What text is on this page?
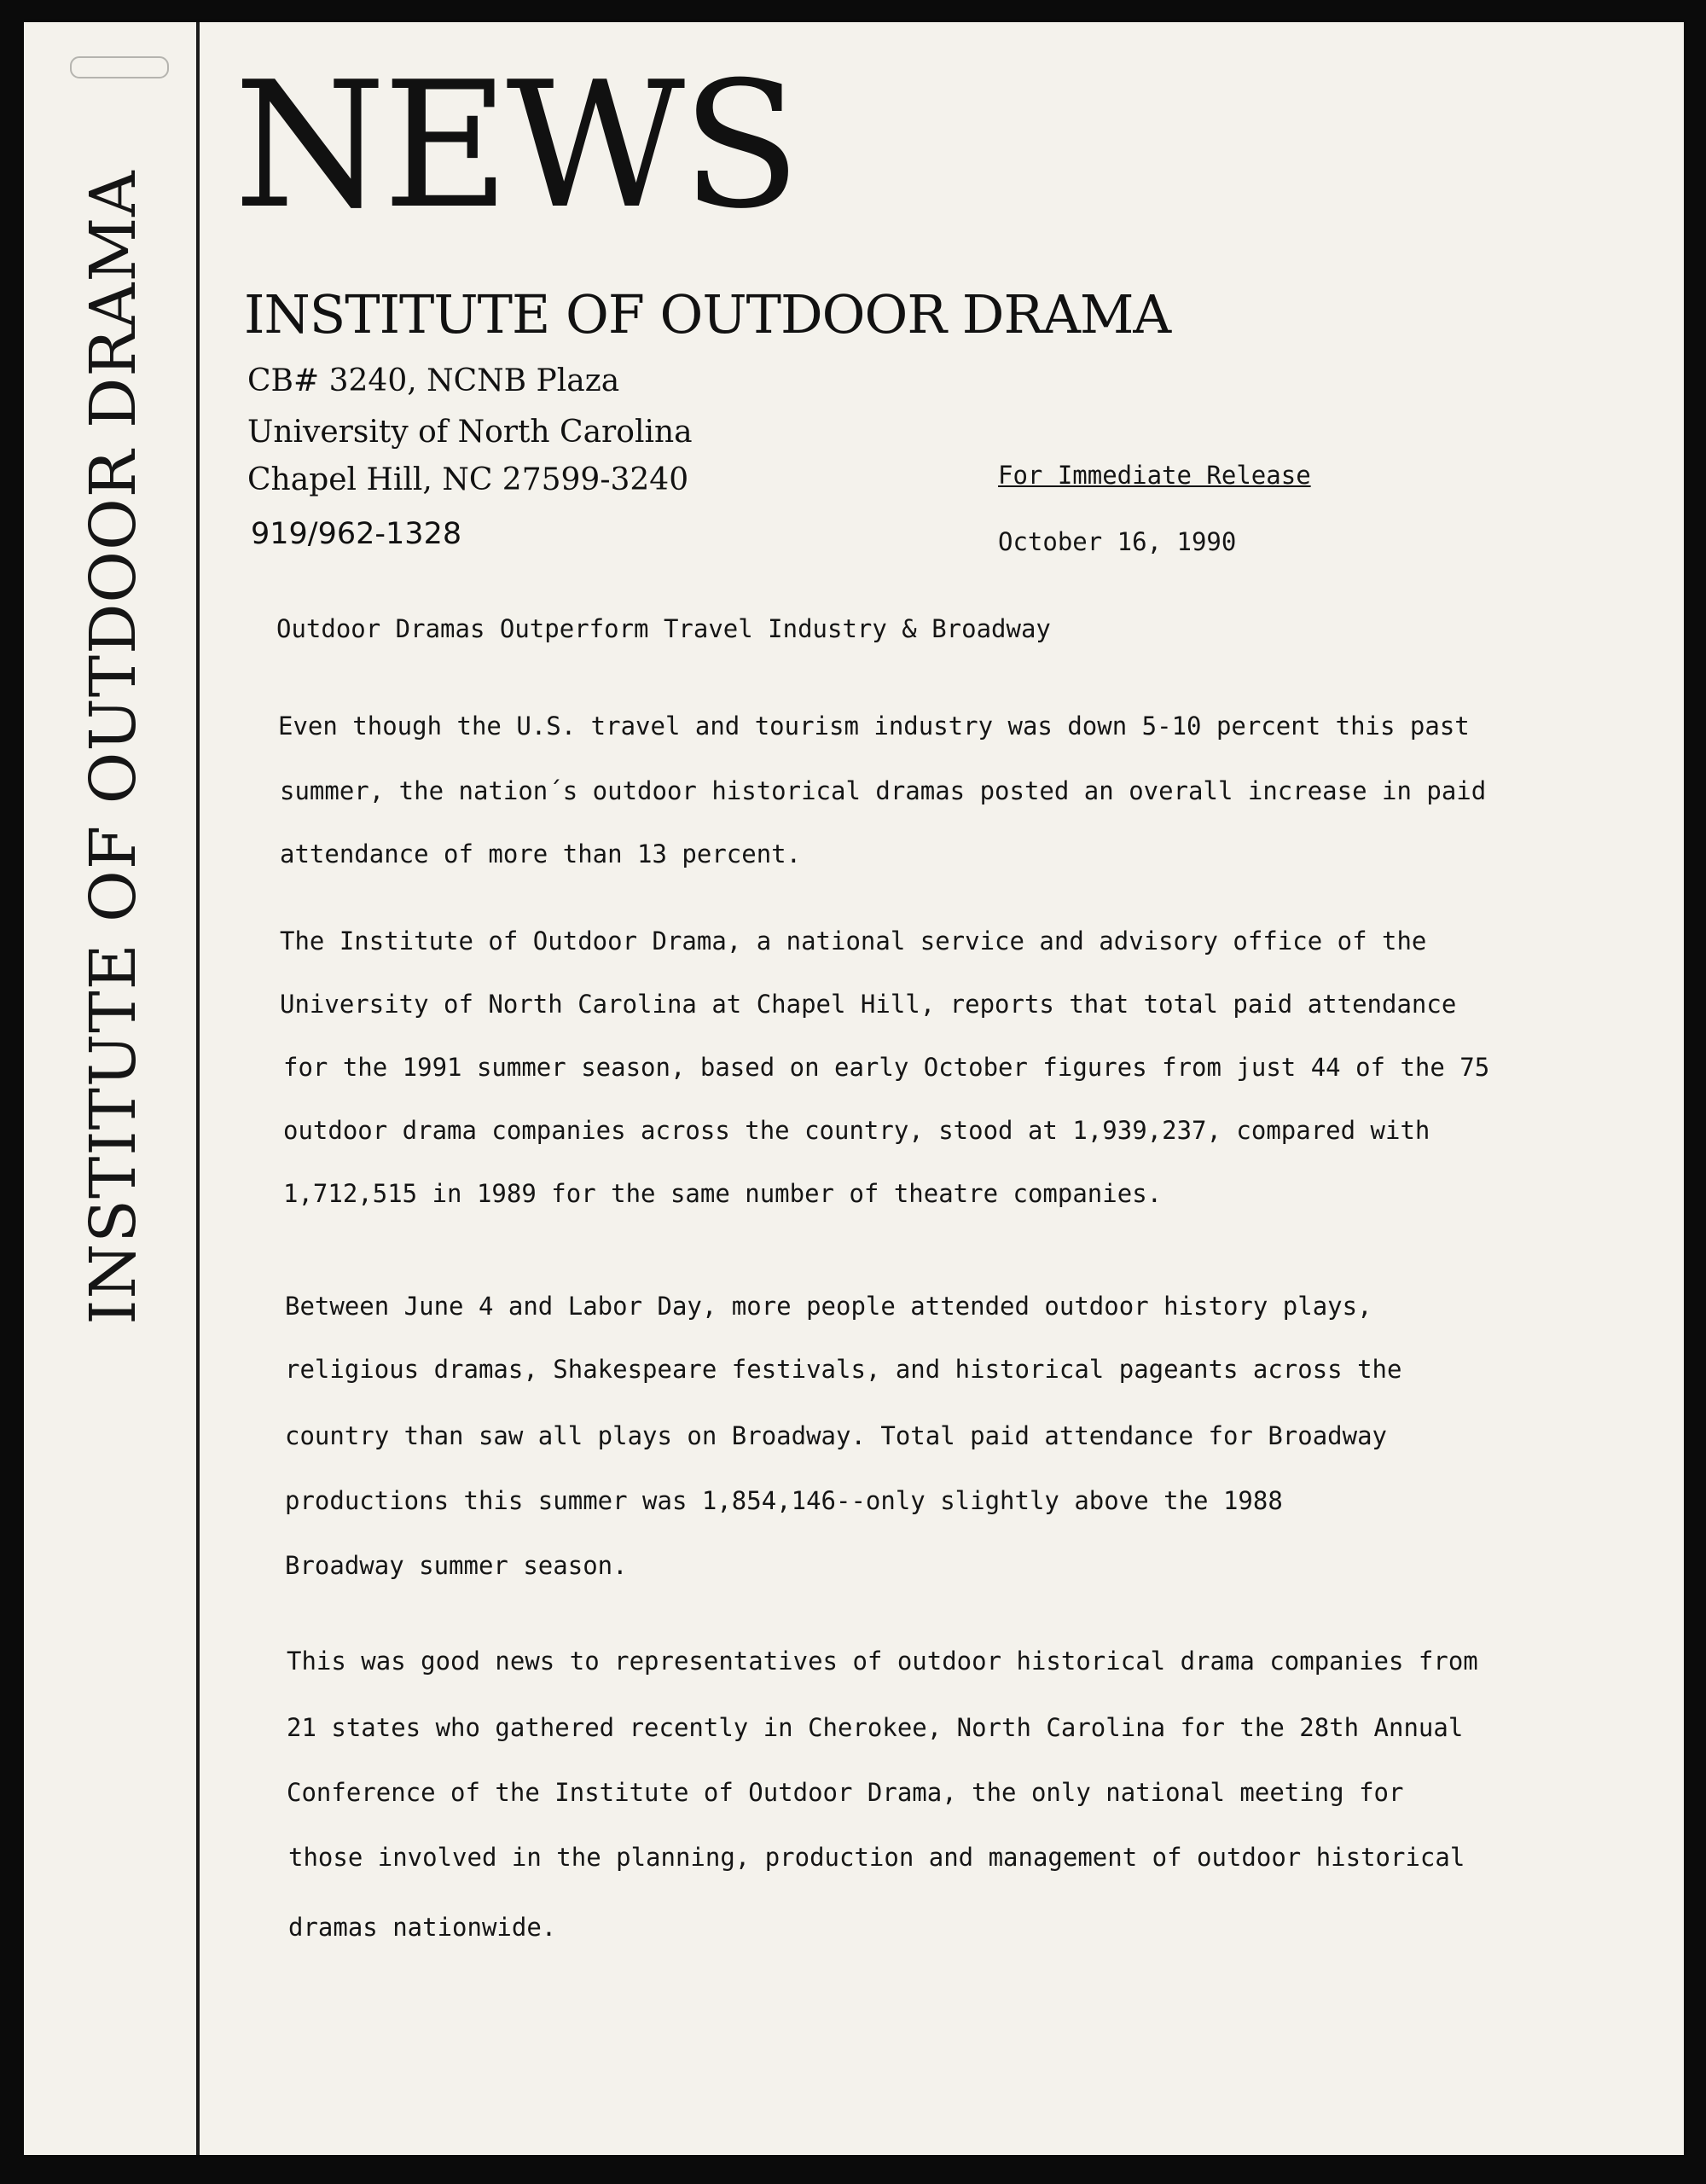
INSTITUTE OF OUTDOOR DRAMA
NEWS
INSTITUTE OF OUTDOOR DRAMA
CB# 3240, NCNB Plaza
University of North Carolina
Chapel Hill, NC 27599-3240
919/962-1328
For Immediate Release
October 16, 1990
Outdoor Dramas Outperform Travel Industry & Broadway
Even though the U.S. travel and tourism industry was down 5-10 percent this past
summer, the nation´s outdoor historical dramas posted an overall increase in paid
attendance of more than 13 percent.
The Institute of Outdoor Drama, a national service and advisory office of the
University of North Carolina at Chapel Hill, reports that total paid attendance
for the 1991 summer season, based on early October figures from just 44 of the 75
outdoor drama companies across the country, stood at 1,939,237, compared with
1,712,515 in 1989 for the same number of theatre companies.
Between June 4 and Labor Day, more people attended outdoor history plays,
religious dramas, Shakespeare festivals, and historical pageants across the
country than saw all plays on Broadway. Total paid attendance for Broadway
productions this summer was 1,854,146--only slightly above the 1988
Broadway summer season.
This was good news to representatives of outdoor historical drama companies from
21 states who gathered recently in Cherokee, North Carolina for the 28th Annual
Conference of the Institute of Outdoor Drama, the only national meeting for
those involved in the planning, production and management of outdoor historical
dramas nationwide.
